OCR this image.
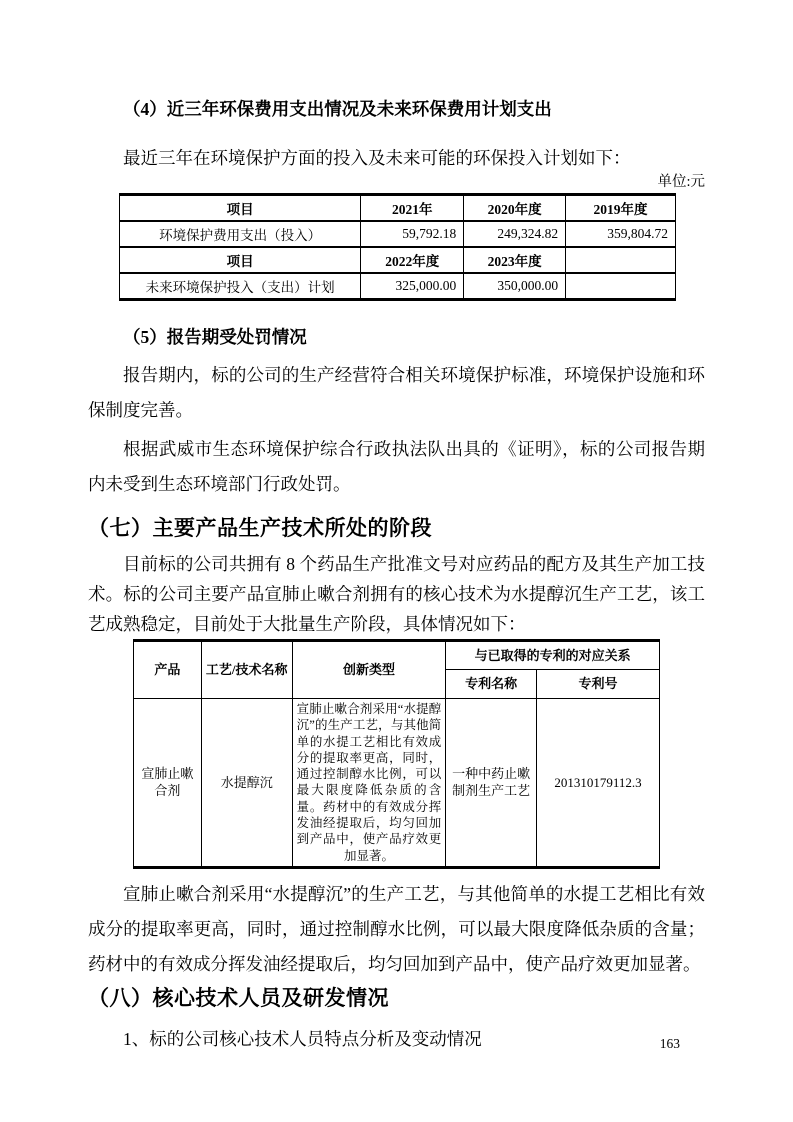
（4）近三年环保费用支出情况及未来环保费用计划支出

最近三年在环境保护方面的投入及未来可能的环保投入计划如下：

单位:元
项目	2021年	2020年度	2019年度
环境保护费用支出（投入）	59,792.18	249,324.82	359,804.72
项目	2022年度	2023年度	
未来环境保护投入（支出）计划	325,000.00	350,000.00	

（5）报告期受处罚情况

报告期内，标的公司的生产经营符合相关环境保护标准，环境保护设施和环保制度完善。

根据武威市生态环境保护综合行政执法队出具的《证明》，标的公司报告期内未受到生态环境部门行政处罚。

（七）主要产品生产技术所处的阶段

目前标的公司共拥有 8 个药品生产批准文号对应药品的配方及其生产加工技术。标的公司主要产品宣肺止嗽合剂拥有的核心技术为水提醇沉生产工艺，该工艺成熟稳定，目前处于大批量生产阶段，具体情况如下：

产品	工艺/技术名称	创新类型	与已取得的专利的对应关系	
			专利名称	专利号
宣肺止嗽合剂	水提醇沉	宣肺止嗽合剂采用“水提醇沉”的生产工艺，与其他简单的水提工艺相比有效成分的提取率更高，同时，通过控制醇水比例，可以最大限度降低杂质的含量。药材中的有效成分挥发油经提取后，均匀回加到产品中，使产品疗效更加显著。	一种中药止嗽制剂生产工艺	201310179112.3

宣肺止嗽合剂采用“水提醇沉”的生产工艺，与其他简单的水提工艺相比有效成分的提取率更高，同时，通过控制醇水比例，可以最大限度降低杂质的含量；药材中的有效成分挥发油经提取后，均匀回加到产品中，使产品疗效更加显著。

（八）核心技术人员及研发情况

1、标的公司核心技术人员特点分析及变动情况	163
